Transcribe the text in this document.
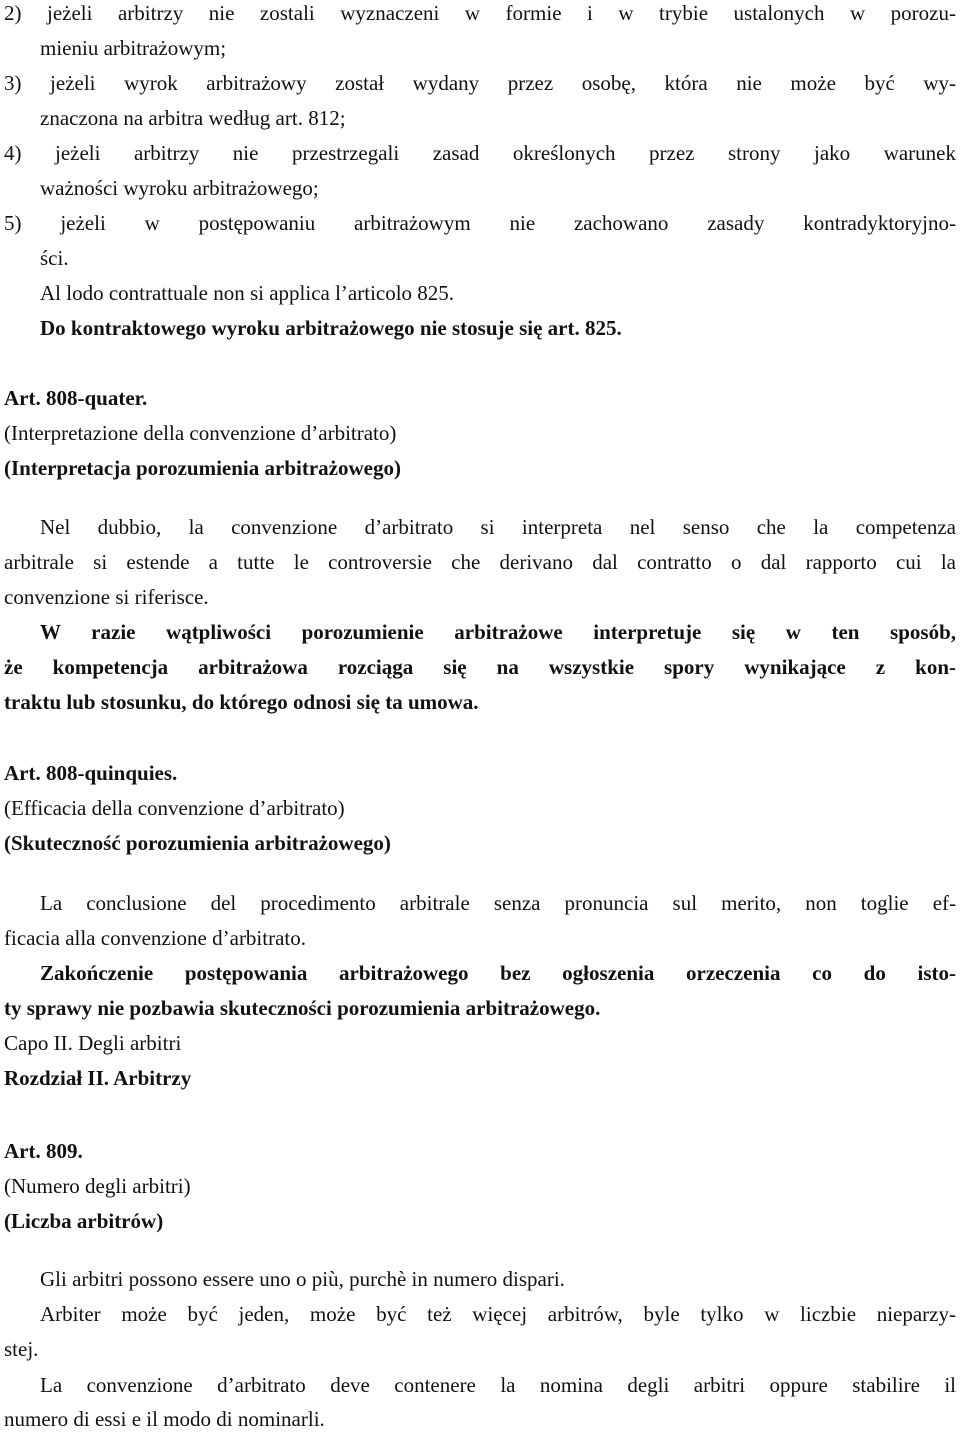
2) jeżeli arbitrzy nie zostali wyznaczeni w formie i w trybie ustalonych w porozu-
mieniu arbitrażowym;
3) jeżeli wyrok arbitrażowy został wydany przez osobę, która nie może być wy-
znaczona na arbitra według art. 812;
4) jeżeli arbitrzy nie przestrzegali zasad określonych przez strony jako warunek
ważności wyroku arbitrażowego;
5) jeżeli w postępowaniu arbitrażowym nie zachowano zasady kontradyktoryjno-
ści.
Al lodo contrattuale non si applica l’articolo 825.
Do kontraktowego wyroku arbitrażowego nie stosuje się art. 825.
Art. 808-quater.
(Interpretazione della convenzione d’arbitrato)
(Interpretacja porozumienia arbitrażowego)
Nel dubbio, la convenzione d’arbitrato si interpreta nel senso che la competenza
arbitrale si estende a tutte le controversie che derivano dal contratto o dal rapporto cui la
convenzione si riferisce.
W razie wątpliwości porozumienie arbitrażowe interpretuje się w ten sposób,
że kompetencja arbitrażowa rozciąga się na wszystkie spory wynikające z kon-
traktu lub stosunku, do którego odnosi się ta umowa.
Art. 808-quinquies.
(Efficacia della convenzione d’arbitrato)
(Skuteczność porozumienia arbitrażowego)
La conclusione del procedimento arbitrale senza pronuncia sul merito, non toglie ef-
ficacia alla convenzione d’arbitrato.
Zakończenie postępowania arbitrażowego bez ogłoszenia orzeczenia co do isto-
ty sprawy nie pozbawia skuteczności porozumienia arbitrażowego.
Capo II. Degli arbitri
Rozdział II. Arbitrzy
Art. 809.
(Numero degli arbitri)
(Liczba arbitrów)
Gli arbitri possono essere uno o più, purchè in numero dispari.
Arbiter może być jeden, może być też więcej arbitrów, byle tylko w liczbie nieparzy-
stej.
La convenzione d’arbitrato deve contenere la nomina degli arbitri oppure stabilire il
numero di essi e il modo di nominarli.
